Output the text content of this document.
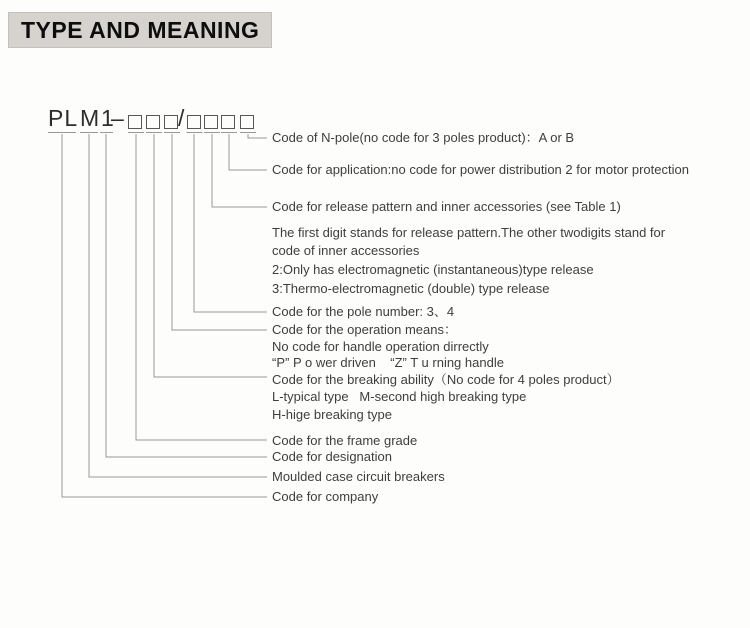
TYPE AND MEANING
PL M 1
– /
Code of N-pole(no code for 3 poles product)：A or B
Code for application:no code for power distribution 2 for motor protection
Code for release pattern and inner accessories (see Table 1)
The first digit stands for release pattern.The other twodigits stand for
code of inner accessories
2:Only has electromagnetic (instantaneous)type release
3:Thermo-electromagnetic (double) type release
Code for the pole number: 3、4
Code for the operation means：
No code for handle operation dirrectly
“P” P o wer driven    “Z” T u rning handle
Code for the breaking ability（No code for 4 poles product）
L-typical type   M-second high breaking type
H-hige breaking type
Code for the frame grade
Code for designation
Moulded case circuit breakers
Code for company
